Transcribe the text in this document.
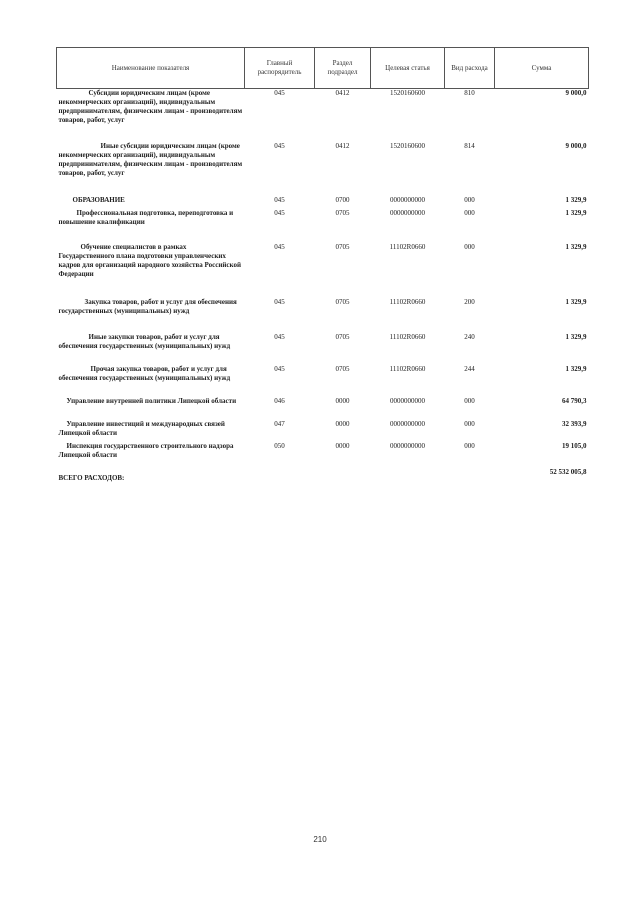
Наименование показателя	Главный распорядитель	Раздел подраздел	Целевая статья	Вид расхода	Сумма
Субсидии юридическим лицам (кроме некоммерческих организаций), индивидуальным предпринимателям, физическим лицам - производителям товаров, работ, услуг	045	0412	1520160600	810	9 000,0
Иные субсидии юридическим лицам (кроме некоммерческих организаций), индивидуальным предпринимателям, физическим лицам - производителям товаров, работ, услуг	045	0412	1520160600	814	9 000,0
ОБРАЗОВАНИЕ	045	0700	0000000000	000	1 329,9
Профессиональная подготовка, переподготовка и повышение квалификации	045	0705	0000000000	000	1 329,9
Обучение специалистов в рамках Государственного плана подготовки управленческих кадров для организаций народного хозяйства Российской Федерации	045	0705	11102R0660	000	1 329,9
Закупка товаров, работ и услуг для обеспечения государственных (муниципальных) нужд	045	0705	11102R0660	200	1 329,9
Иные закупки товаров, работ и услуг для обеспечения государственных (муниципальных) нужд	045	0705	11102R0660	240	1 329,9
Прочая закупка товаров, работ и услуг для обеспечения государственных (муниципальных) нужд	045	0705	11102R0660	244	1 329,9
Управление внутренней политики Липецкой области	046	0000	0000000000	000	64 790,3
Управление инвестиций и международных связей Липецкой области	047	0000	0000000000	000	32 393,9
Инспекция государственного строительного надзора Липецкой области	050	0000	0000000000	000	19 105,0
ВСЕГО РАСХОДОВ:					52 532 005,8
210
